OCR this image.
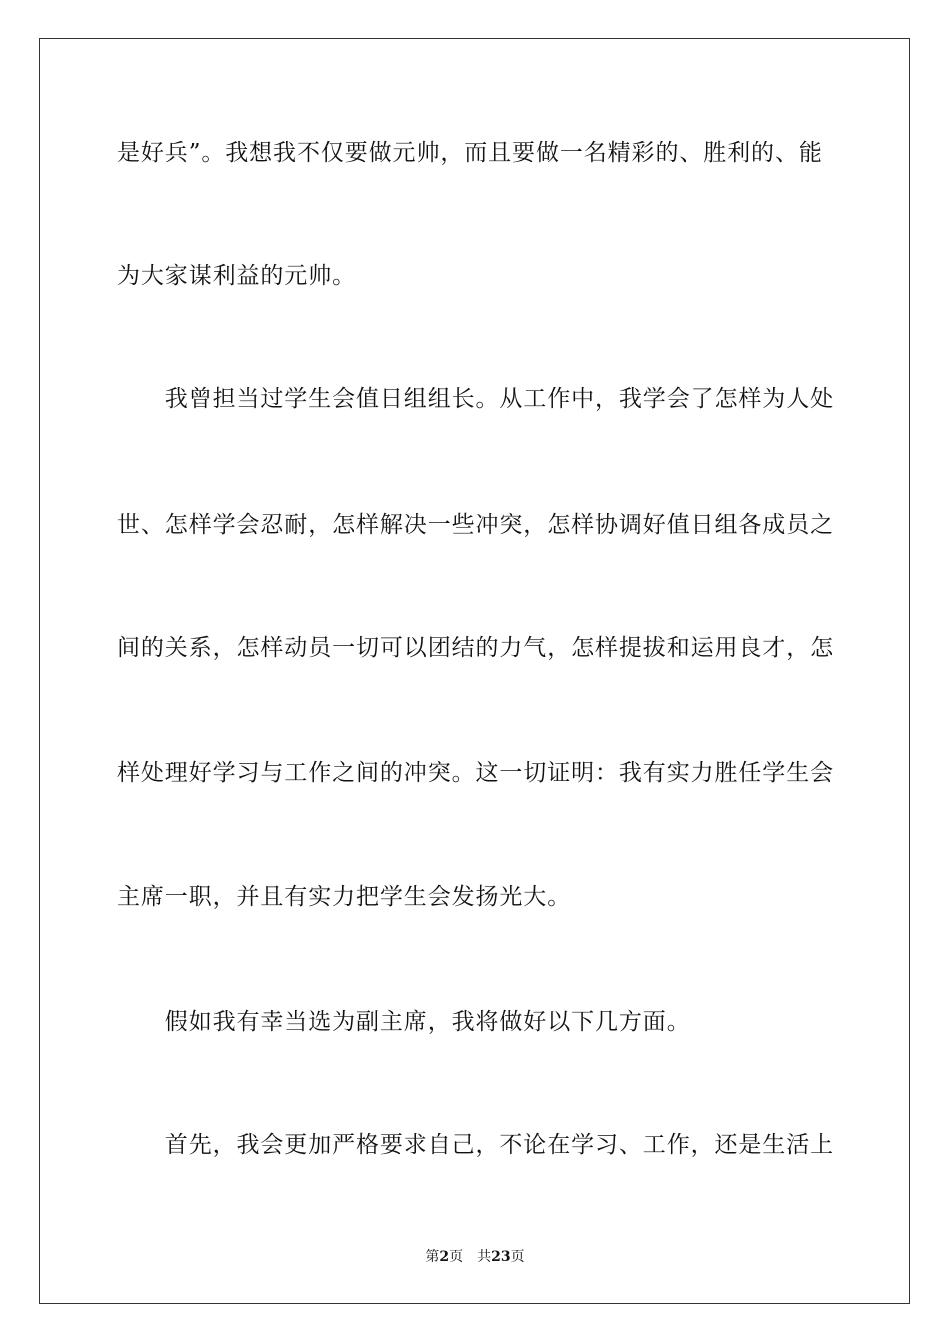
是好兵”。我想我不仅要做元帅，而且要做一名精彩的、胜利的、能
为大家谋利益的元帅。
　　我曾担当过学生会值日组组长。从工作中，我学会了怎样为人处
世、怎样学会忍耐，怎样解决一些冲突，怎样协调好值日组各成员之
间的关系，怎样动员一切可以团结的力气，怎样提拔和运用良才，怎
样处理好学习与工作之间的冲突。这一切证明：我有实力胜任学生会
主席一职，并且有实力把学生会发扬光大。
　　假如我有幸当选为副主席，我将做好以下几方面。
　　首先，我会更加严格要求自己，不论在学习、工作，还是生活上
第2页 共23页
